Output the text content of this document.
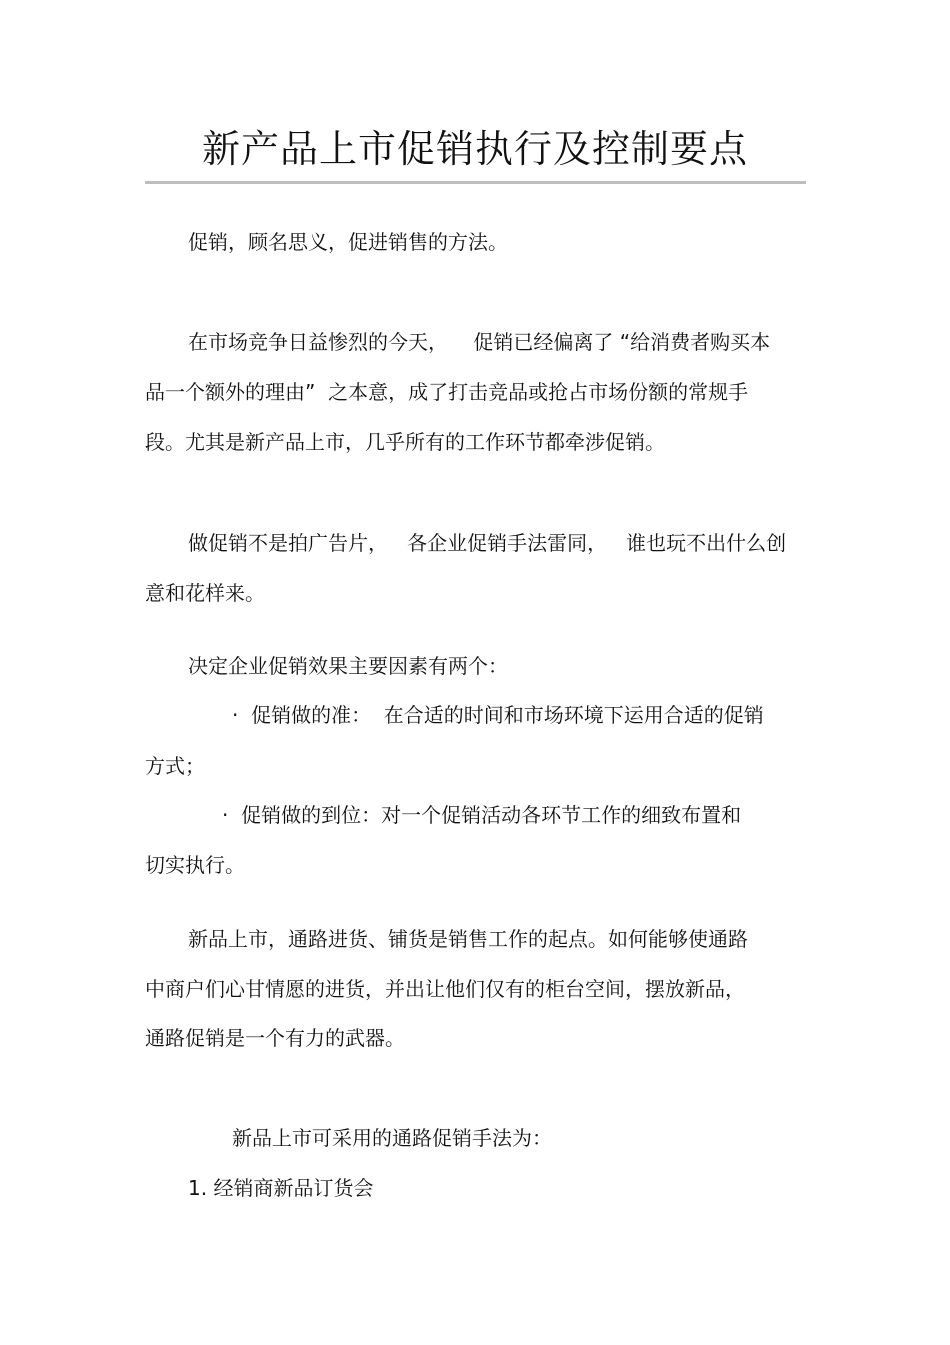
新产品上市促销执行及控制要点

促销，顾名思义，促进销售的方法。

在市场竞争日益惨烈的今天，    促销已经偏离了 “给消费者购买本

品一个额外的理由”  之本意，成了打击竞品或抢占市场份额的常规手

段。尤其是新产品上市，几乎所有的工作环节都牵涉促销。

做促销不是拍广告片，   各企业促销手法雷同，   谁也玩不出什么创

意和花样来。

决定企业促销效果主要因素有两个：

·  促销做的准：  在合适的时间和市场环境下运用合适的促销

方式；

·  促销做的到位：对一个促销活动各环节工作的细致布置和

切实执行。

新品上市，通路进货、铺货是销售工作的起点。如何能够使通路

中商户们心甘情愿的进货，并出让他们仅有的柜台空间，摆放新品，

通路促销是一个有力的武器。

新品上市可采用的通路促销手法为：

1. 经销商新品订货会
